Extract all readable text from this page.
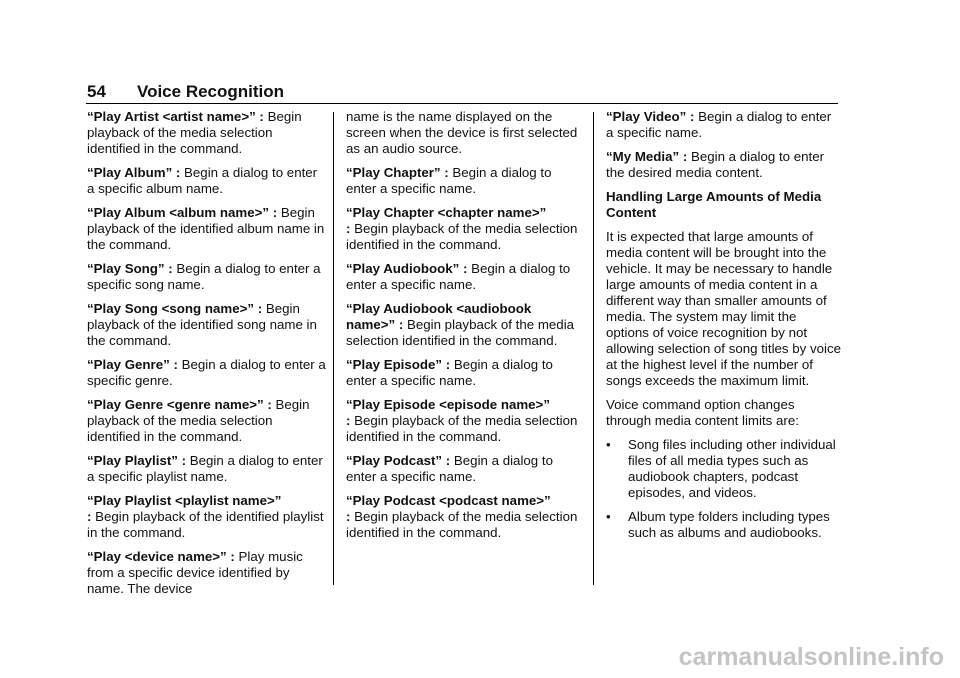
54	Voice Recognition
“Play Artist <artist name>” : Begin playback of the media selection identified in the command.
“Play Album” : Begin a dialog to enter a specific album name.
“Play Album <album name>” : Begin playback of the identified album name in the command.
“Play Song” : Begin a dialog to enter a specific song name.
“Play Song <song name>” : Begin playback of the identified song name in the command.
“Play Genre” : Begin a dialog to enter a specific genre.
“Play Genre <genre name>” : Begin playback of the media selection identified in the command.
“Play Playlist” : Begin a dialog to enter a specific playlist name.
“Play Playlist <playlist name>” : Begin playback of the identified playlist in the command.
“Play <device name>” : Play music from a specific device identified by name. The device
name is the name displayed on the screen when the device is first selected as an audio source.
“Play Chapter” : Begin a dialog to enter a specific name.
“Play Chapter <chapter name>” : Begin playback of the media selection identified in the command.
“Play Audiobook” : Begin a dialog to enter a specific name.
“Play Audiobook <audiobook name>” : Begin playback of the media selection identified in the command.
“Play Episode” : Begin a dialog to enter a specific name.
“Play Episode <episode name>” : Begin playback of the media selection identified in the command.
“Play Podcast” : Begin a dialog to enter a specific name.
“Play Podcast <podcast name>” : Begin playback of the media selection identified in the command.
“Play Video” : Begin a dialog to enter a specific name.
“My Media” : Begin a dialog to enter the desired media content.
Handling Large Amounts of Media Content
It is expected that large amounts of media content will be brought into the vehicle. It may be necessary to handle large amounts of media content in a different way than smaller amounts of media. The system may limit the options of voice recognition by not allowing selection of song titles by voice at the highest level if the number of songs exceeds the maximum limit.
Voice command option changes through media content limits are:
•	Song files including other individual files of all media types such as audiobook chapters, podcast episodes, and videos.
•	Album type folders including types such as albums and audiobooks.
carmanualsonline.info
